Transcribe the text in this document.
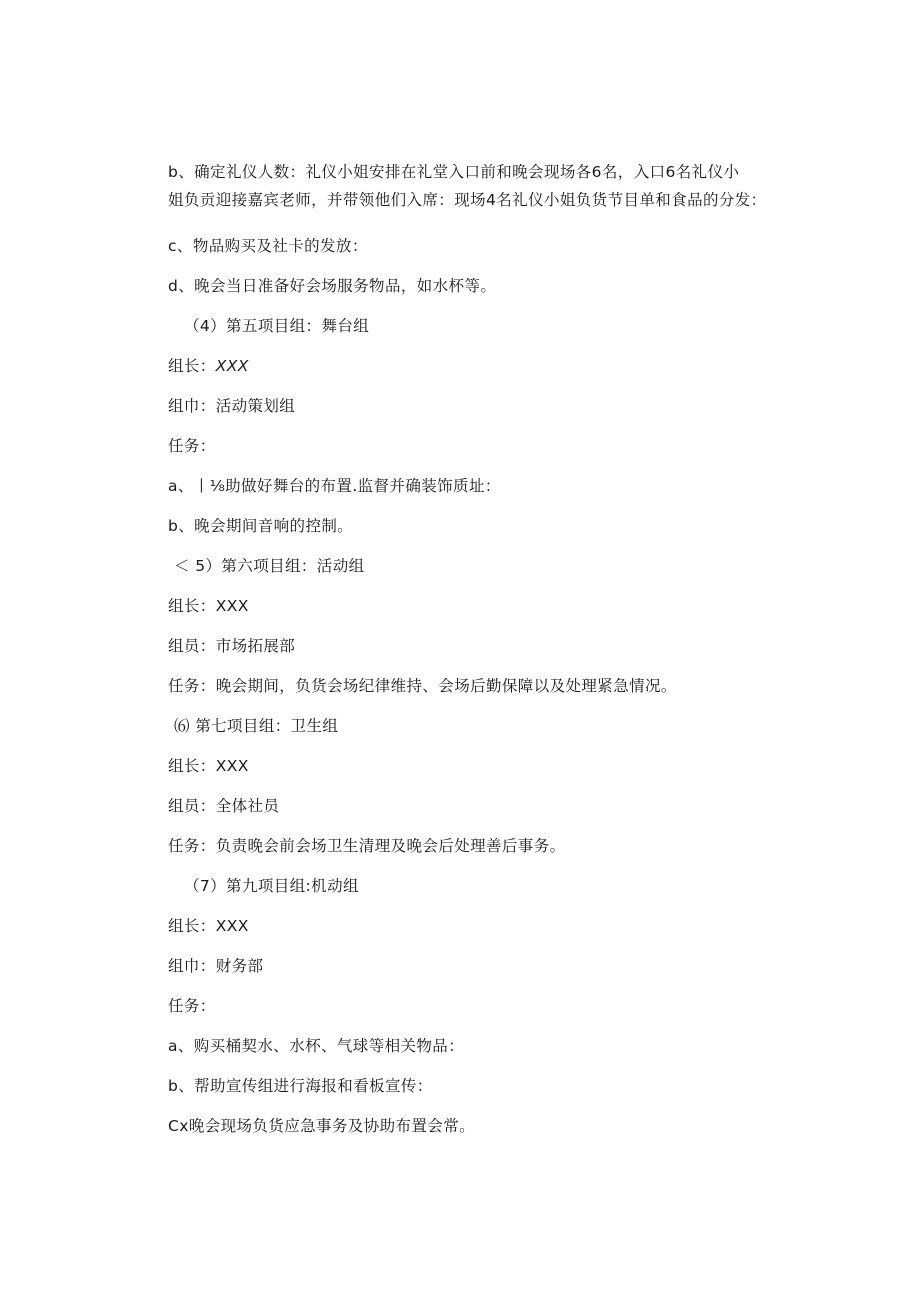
b、确定礼仪人数：礼仪小姐安排在礼堂入口前和晚会现场各6名，入口6名礼仪小
姐负贡迎接嘉宾老师，并带领他们入席：现场4名礼仪小姐负货节目单和食品的分发：
c、物品购买及社卡的发放：
d、晚会当日准备好会场服务物品，如水杯等。
（4）第五项目组：舞台组
组长：XXX
组巾：活动策划组
任务：
a、丨⅛助做好舞台的布置.监督并确装饰质址：
b、晚会期间音响的控制。
＜ 5）第六项目组：活动组
组长：XXX
组员：市场拓展部
任务：晚会期间，负货会场纪律维持、会场后勤保障以及处理紧急情况。
⑹ 第七项目组：卫生组
组长：XXX
组员：全体社员
任务：负责晚会前会场卫生清理及晚会后处理善后事务。
（7）第九项目组:机动组
组长：XXX
组巾：财务部
任务：
a、购买桶契水、水杯、气球等相关物品：
b、帮助宣传组进行海报和看板宣传：
Cx晚会现场负货应急事务及协助布置会常。
